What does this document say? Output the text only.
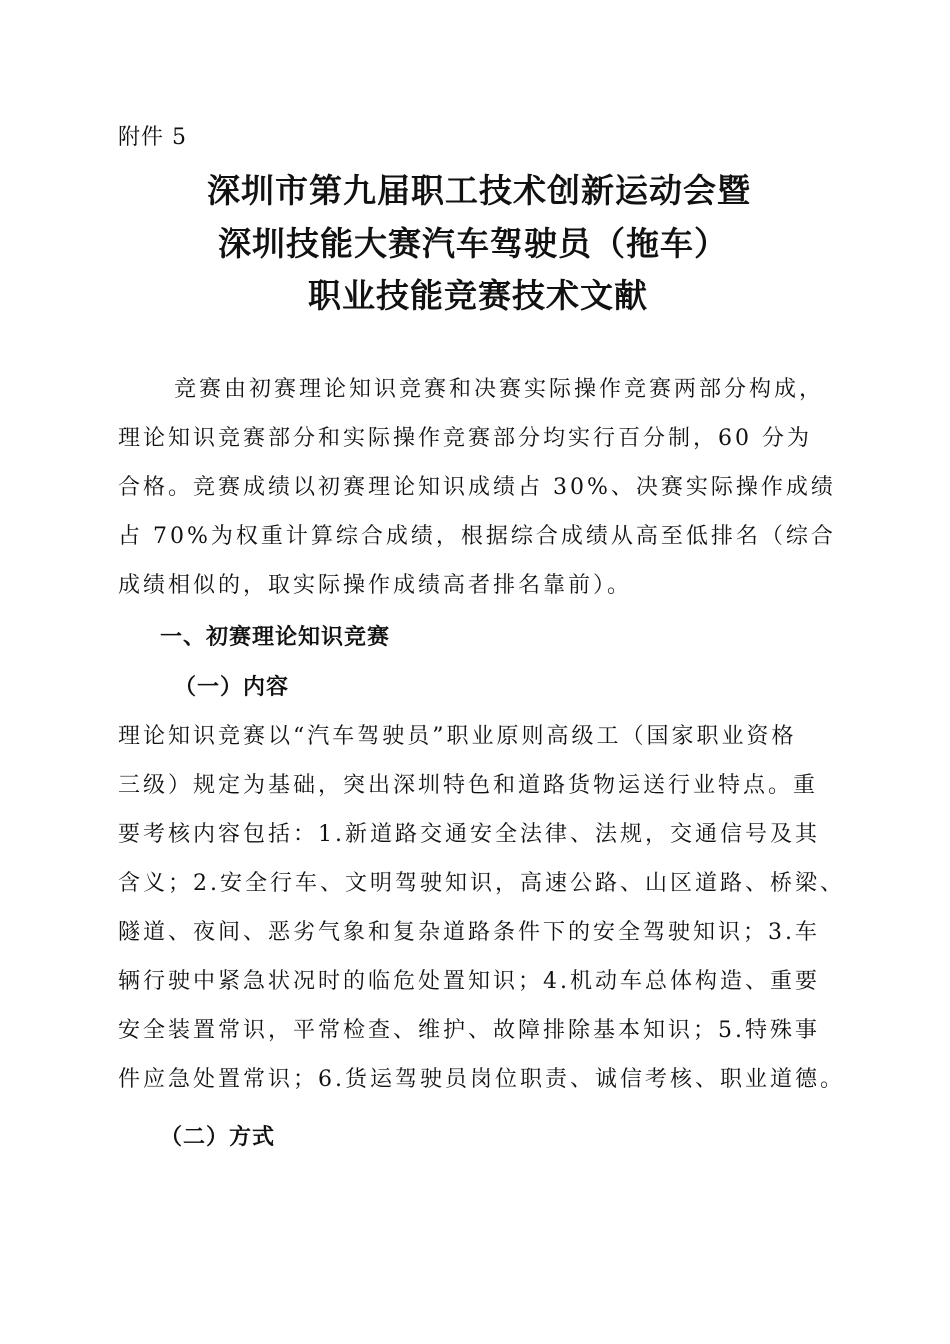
附件 5
深圳市第九届职工技术创新运动会暨
深圳技能大赛汽车驾驶员（拖车）
职业技能竞赛技术文献
竞赛由初赛理论知识竞赛和决赛实际操作竞赛两部分构成，
理论知识竞赛部分和实际操作竞赛部分均实行百分制，60 分为
合格。竞赛成绩以初赛理论知识成绩占 30%、决赛实际操作成绩
占 70%为权重计算综合成绩，根据综合成绩从高至低排名（综合
成绩相似的，取实际操作成绩高者排名靠前）。
一、初赛理论知识竞赛
（一）内容
理论知识竞赛以“汽车驾驶员”职业原则高级工（国家职业资格
三级）规定为基础，突出深圳特色和道路货物运送行业特点。重
要考核内容包括：1.新道路交通安全法律、法规，交通信号及其
含义；2.安全行车、文明驾驶知识，高速公路、山区道路、桥梁、
隧道、夜间、恶劣气象和复杂道路条件下的安全驾驶知识；3.车
辆行驶中紧急状况时的临危处置知识；4.机动车总体构造、重要
安全装置常识，平常检查、维护、故障排除基本知识；5.特殊事
件应急处置常识；6.货运驾驶员岗位职责、诚信考核、职业道德。
（二）方式
